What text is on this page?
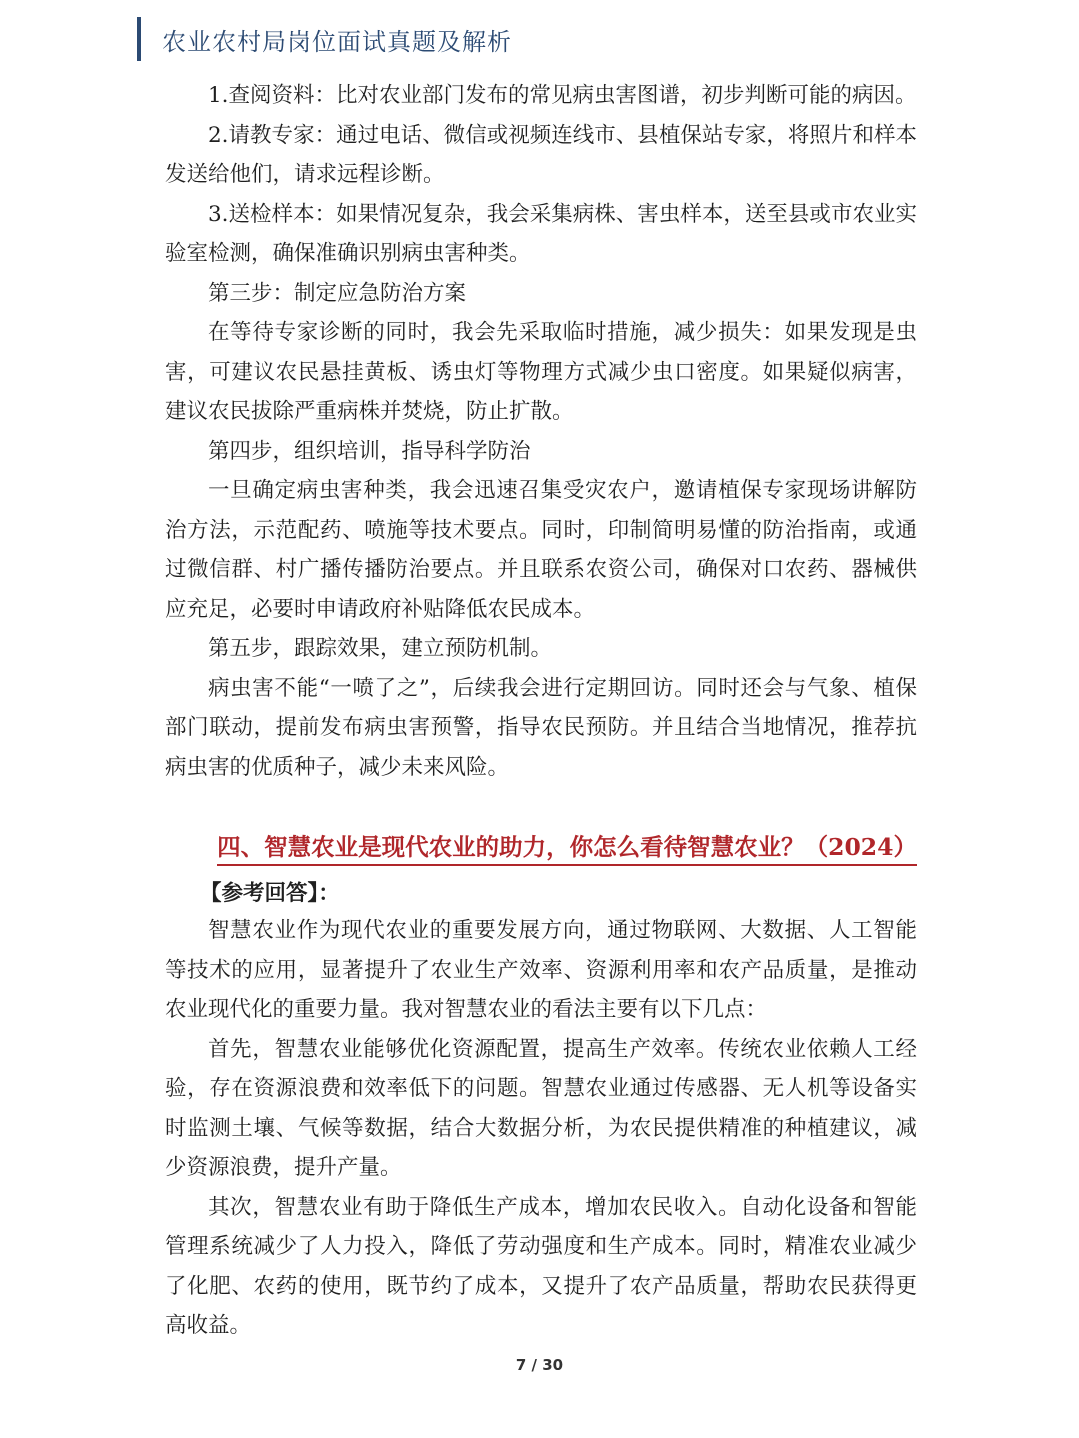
农业农村局岗位面试真题及解析

1.查阅资料：比对农业部门发布的常见病虫害图谱，初步判断可能的病因。

2.请教专家：通过电话、微信或视频连线市、县植保站专家，将照片和样本发送给他们，请求远程诊断。

3.送检样本：如果情况复杂，我会采集病株、害虫样本，送至县或市农业实验室检测，确保准确识别病虫害种类。

第三步：制定应急防治方案

在等待专家诊断的同时，我会先采取临时措施，减少损失：如果发现是虫害，可建议农民悬挂黄板、诱虫灯等物理方式减少虫口密度。如果疑似病害，建议农民拔除严重病株并焚烧，防止扩散。

第四步，组织培训，指导科学防治

一旦确定病虫害种类，我会迅速召集受灾农户，邀请植保专家现场讲解防治方法，示范配药、喷施等技术要点。同时，印制简明易懂的防治指南，或通过微信群、村广播传播防治要点。并且联系农资公司，确保对口农药、器械供应充足，必要时申请政府补贴降低农民成本。

第五步，跟踪效果，建立预防机制。

病虫害不能“一喷了之”，后续我会进行定期回访。同时还会与气象、植保部门联动，提前发布病虫害预警，指导农民预防。并且结合当地情况，推荐抗病虫害的优质种子，减少未来风险。

四、智慧农业是现代农业的助力，你怎么看待智慧农业？（2024）
【参考回答】：

智慧农业作为现代农业的重要发展方向，通过物联网、大数据、人工智能等技术的应用，显著提升了农业生产效率、资源利用率和农产品质量，是推动农业现代化的重要力量。我对智慧农业的看法主要有以下几点：

首先，智慧农业能够优化资源配置，提高生产效率。传统农业依赖人工经验，存在资源浪费和效率低下的问题。智慧农业通过传感器、无人机等设备实时监测土壤、气候等数据，结合大数据分析，为农民提供精准的种植建议，减少资源浪费，提升产量。

其次，智慧农业有助于降低生产成本，增加农民收入。自动化设备和智能管理系统减少了人力投入，降低了劳动强度和生产成本。同时，精准农业减少了化肥、农药的使用，既节约了成本，又提升了农产品质量，帮助农民获得更高收益。

7 / 30
